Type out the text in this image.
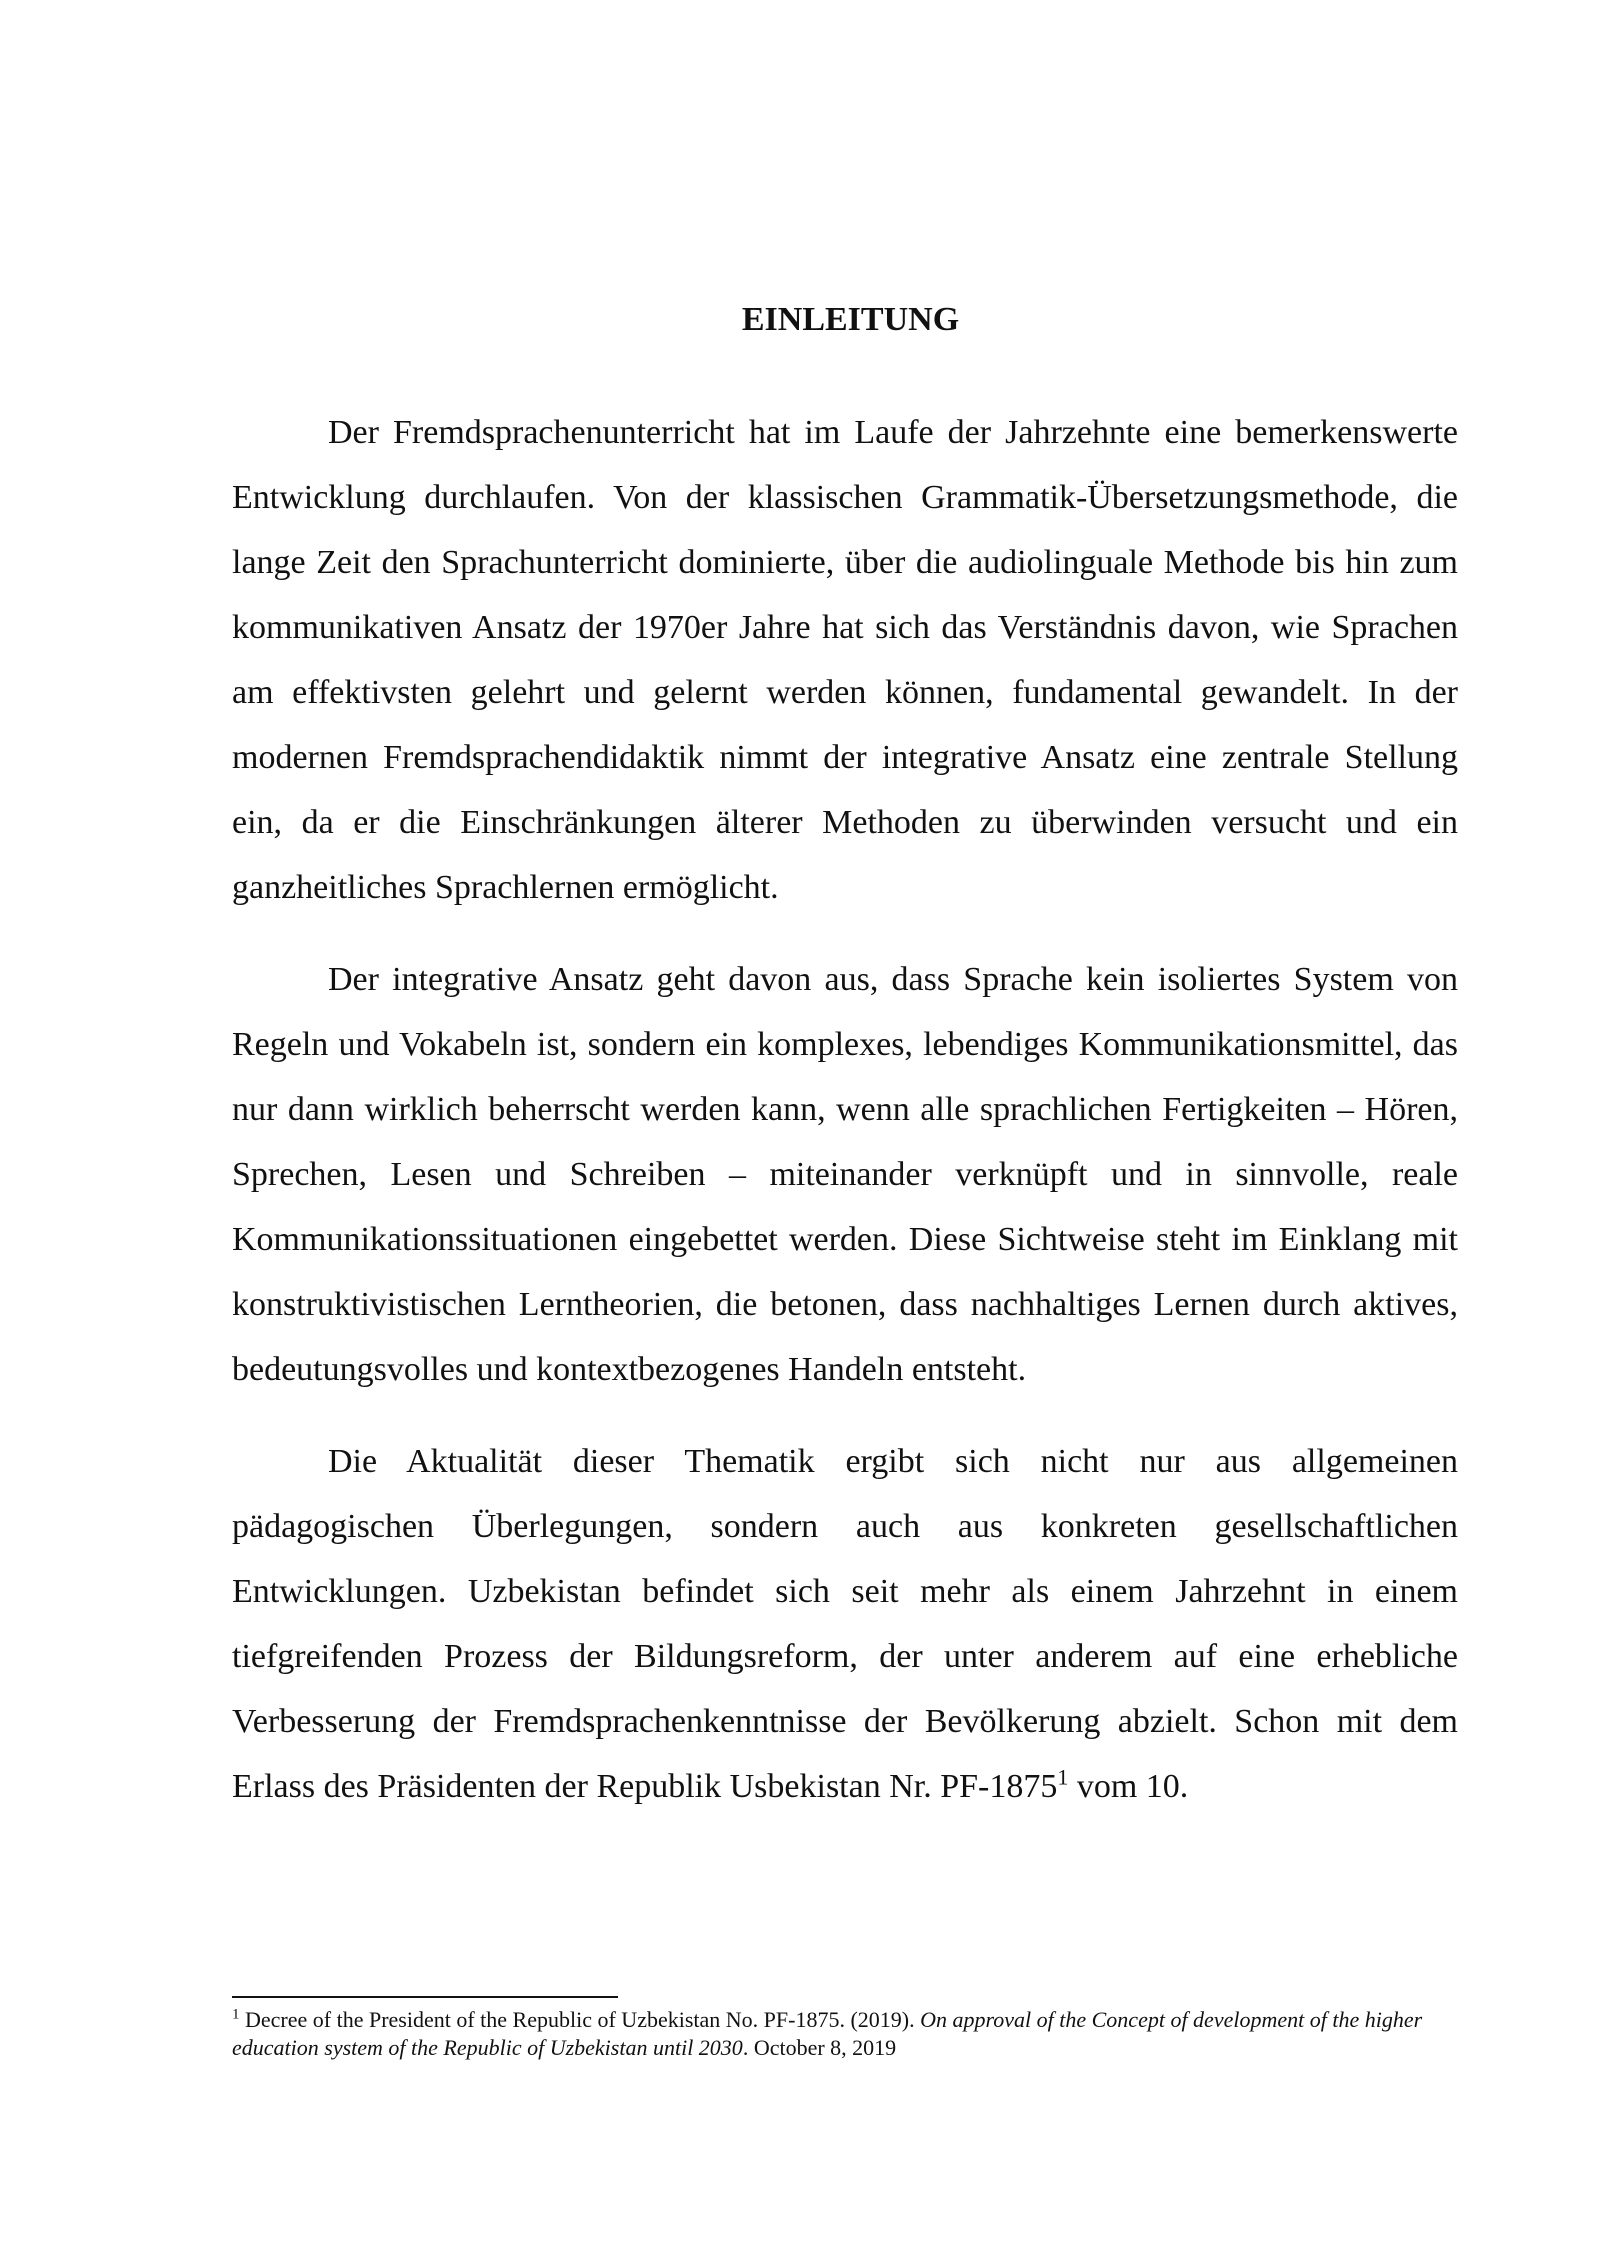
EINLEITUNG

Der Fremdsprachenunterricht hat im Laufe der Jahrzehnte eine bemerkenswerte Entwicklung durchlaufen. Von der klassischen Grammatik-Übersetzungsmethode, die lange Zeit den Sprachunterricht dominierte, über die audiolinguale Methode bis hin zum kommunikativen Ansatz der 1970er Jahre hat sich das Verständnis davon, wie Sprachen am effektivsten gelehrt und gelernt werden können, fundamental gewandelt. In der modernen Fremdsprachendidaktik nimmt der integrative Ansatz eine zentrale Stellung ein, da er die Einschränkungen älterer Methoden zu überwinden versucht und ein ganzheitliches Sprachlernen ermöglicht.

Der integrative Ansatz geht davon aus, dass Sprache kein isoliertes System von Regeln und Vokabeln ist, sondern ein komplexes, lebendiges Kommunikationsmittel, das nur dann wirklich beherrscht werden kann, wenn alle sprachlichen Fertigkeiten – Hören, Sprechen, Lesen und Schreiben – miteinander verknüpft und in sinnvolle, reale Kommunikationssituationen eingebettet werden. Diese Sichtweise steht im Einklang mit konstruktivistischen Lerntheorien, die betonen, dass nachhaltiges Lernen durch aktives, bedeutungsvolles und kontextbezogenes Handeln entsteht.

Die Aktualität dieser Thematik ergibt sich nicht nur aus allgemeinen pädagogischen Überlegungen, sondern auch aus konkreten gesellschaftlichen Entwicklungen. Uzbekistan befindet sich seit mehr als einem Jahrzehnt in einem tiefgreifenden Prozess der Bildungsreform, der unter anderem auf eine erhebliche Verbesserung der Fremdsprachenkenntnisse der Bevölkerung abzielt. Schon mit dem Erlass des Präsidenten der Republik Usbekistan Nr. PF-1875$^1$ vom 10.

$^1$ Decree of the President of the Republic of Uzbekistan No. PF-1875. (2019). On approval of the Concept of development of the higher education system of the Republic of Uzbekistan until 2030. October 8, 2019
